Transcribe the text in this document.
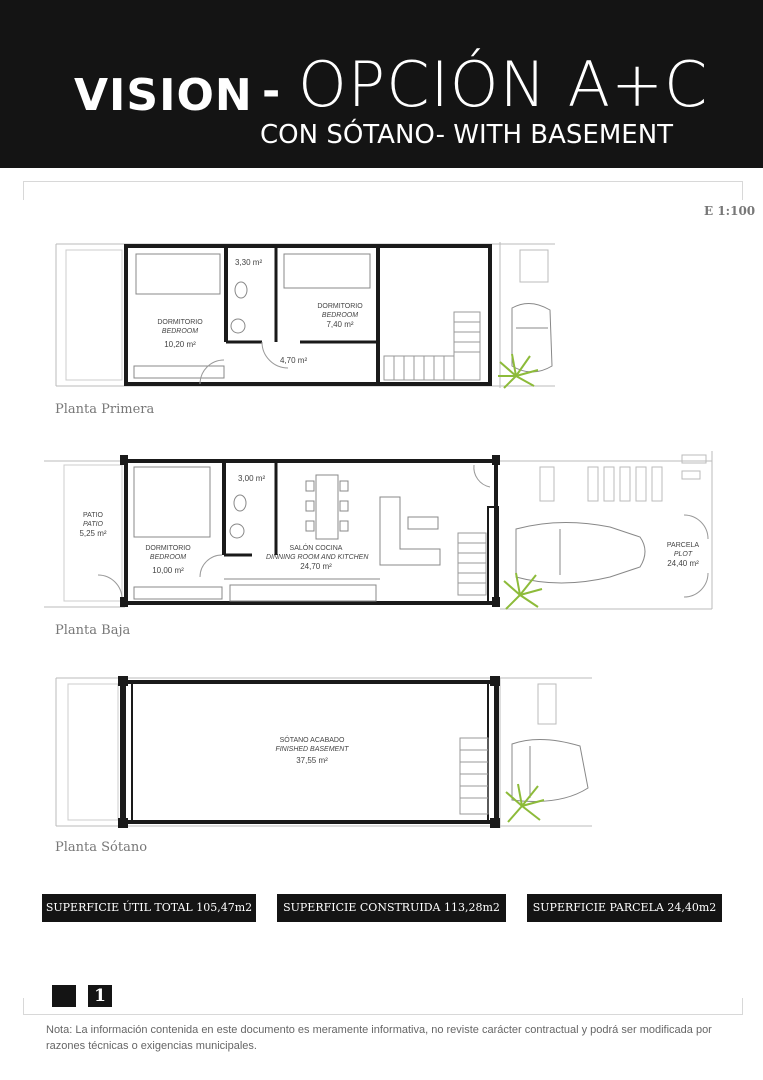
VISION OPCIÓN A+C
CON SÓTANO- WITH BASEMENT
-
E 1:100
3,30 m²
DORMITORIO
BEDROOM
10,20 m²
DORMITORIO
BEDROOM
7,40 m²
4,70 m²
Planta Primera
PATIO
PATIO
5,25 m²
3,00 m²
DORMITORIO
BEDROOM
10,00 m²
SALÓN COCINA
DINNING ROOM AND KITCHEN
24,70 m²
PARCELA
PLOT
24,40 m²
Planta Baja
SÓTANO ACABADO
FINISHED BASEMENT
37,55 m²
Planta Sótano
SUPERFICIE ÚTIL TOTAL 105,47m2	SUPERFICIE CONSTRUIDA 113,28m2	SUPERFICIE PARCELA 24,40m2
1
Nota: La información contenida en este documento es meramente informativa, no reviste carácter contractual y podrá ser modificada por razones técnicas o exigencias municipales.
